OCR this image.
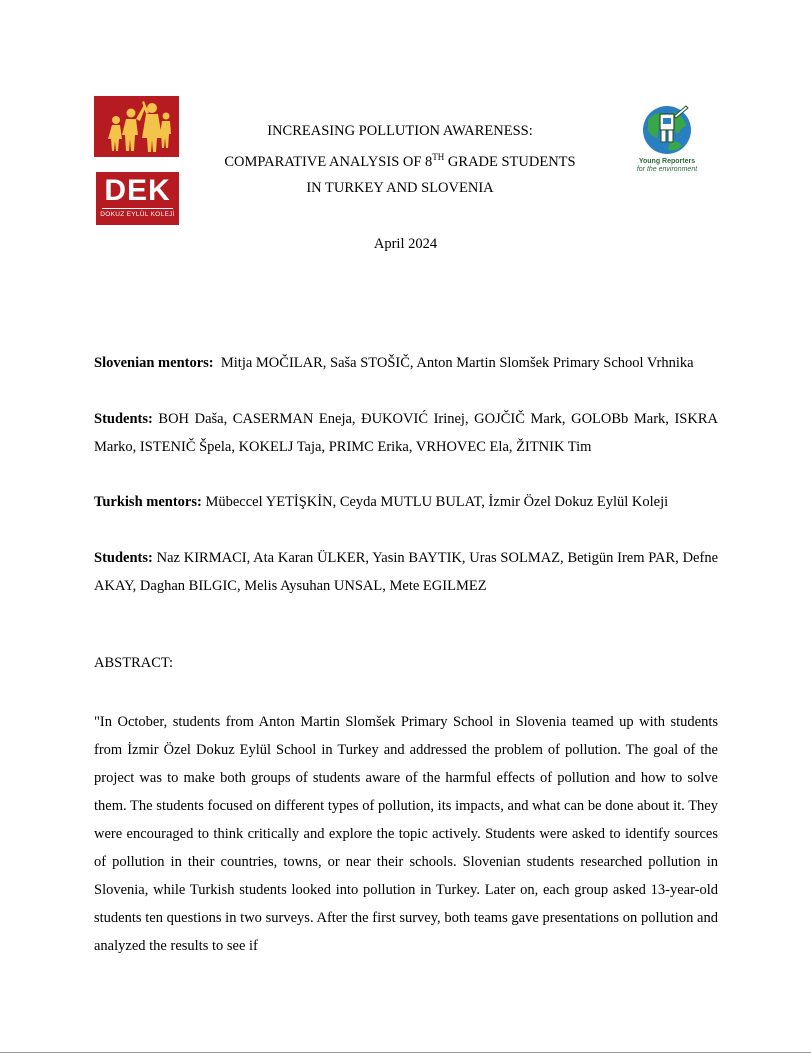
DEK
DOKUZ EYLÜL KOLEJİ
Young Reporters
for the environment
INCREASING POLLUTION AWARENESS:
COMPARATIVE ANALYSIS OF 8TH GRADE STUDENTS
IN TURKEY AND SLOVENIA
April 2024
Slovenian mentors:  Mitja MOČILAR, Saša STOŠIČ, Anton Martin Slomšek Primary School Vrhnika
Students: BOH Daša, CASERMAN Eneja, ĐUKOVIĆ Irinej, GOJČIČ Mark, GOLOBb Mark, ISKRA Marko, ISTENIČ Špela, KOKELJ Taja, PRIMC Erika, VRHOVEC Ela, ŽITNIK Tim
Turkish mentors: Mübeccel YETİŞKİN, Ceyda MUTLU BULAT, İzmir Özel Dokuz Eylül Koleji
Students: Naz KIRMACI, Ata Karan ÜLKER, Yasin BAYTIK, Uras SOLMAZ, Betigün Irem PAR, Defne AKAY, Daghan BILGIC, Melis Aysuhan UNSAL, Mete EGILMEZ
ABSTRACT:
"In October, students from Anton Martin Slomšek Primary School in Slovenia teamed up with students from İzmir Özel Dokuz Eylül School in Turkey and addressed the problem of pollution. The goal of the project was to make both groups of students aware of the harmful effects of pollution and how to solve them. The students focused on different types of pollution, its impacts, and what can be done about it. They were encouraged to think critically and explore the topic actively. Students were asked to identify sources of pollution in their countries, towns, or near their schools. Slovenian students researched pollution in Slovenia, while Turkish students looked into pollution in Turkey. Later on, each group asked 13-year-old students ten questions in two surveys. After the first survey, both teams gave presentations on pollution and analyzed the results to see if
